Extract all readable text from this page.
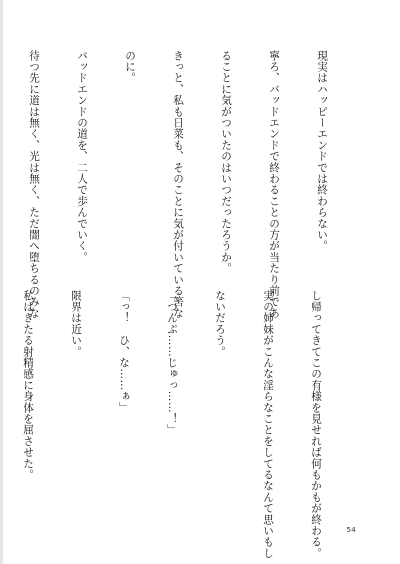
現実はハッピーエンドでは終わらない。

寧ろ、バッドエンドで終わることの方が当たり前であ

ることに気がついたのはいつだったろうか。

きっと、私も日菜も、そのことに気が付いている筈な

のに。

バッドエンドの道を、二人で歩んでいく。

待つ先に道は無く、光は無く、ただ闇へ堕ちるのみな

し帰ってきてこの有様を見せれば何もかもが終わる。

実の姉妹がこんな淫らなことをしてるなんて思いもし

ないだろう。

「つんぷ……じゅっ……！」

「っ！　ひ、な……ぁ」

限界は近い。

私はきたる射精感に身体を屈させた。

54
